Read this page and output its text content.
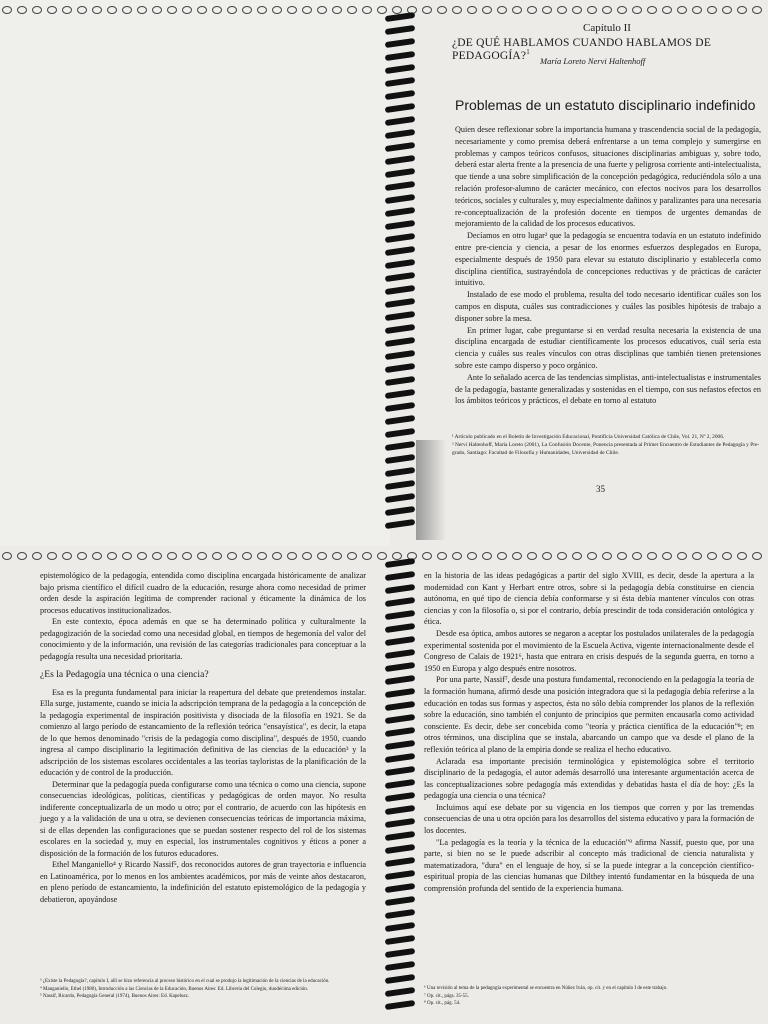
Capítulo II
¿DE QUÉ HABLAMOS CUANDO HABLAMOS DE PEDAGOGÍA?$^1$
María Loreto Nervi Haltenhoff
Problemas de un estatuto disciplinario indefinido

Quien desee reflexionar sobre la importancia humana y trascendencia social de la pedagogía, necesariamente y como premisa deberá enfrentarse a un tema complejo y sumergirse en problemas y campos teóricos confusos, situaciones disciplinarias ambiguas y, sobre todo, deberá estar alerta frente a la presencia de una fuerte y peligrosa corriente anti-intelectualista, que tiende a una sobre simplificación de la concepción pedagógica, reduciéndola sólo a una relación profesor-alumno de carácter mecánico, con efectos nocivos para los desarrollos teóricos, sociales y culturales y, muy especialmente dañinos y paralizantes para una necesaria re-conceptualización de la profesión docente en tiempos de urgentes demandas de mejoramiento de la calidad de los procesos educativos.

Decíamos en otro lugar² que la pedagogía se encuentra todavía en un estatuto indefinido entre pre-ciencia y ciencia, a pesar de los enormes esfuerzos desplegados en Europa, especialmente después de 1950 para elevar su estatuto disciplinario y establecerla como disciplina científica, sustrayéndola de concepciones reductivas y de prácticas de carácter intuitivo.

Instalado de ese modo el problema, resulta del todo necesario identificar cuáles son los campos en disputa, cuáles sus contradicciones y cuáles las posibles hipótesis de trabajo a disponer sobre la mesa.

En primer lugar, cabe preguntarse si en verdad resulta necesaria la existencia de una disciplina encargada de estudiar científicamente los procesos educativos, cuál sería esta ciencia y cuáles sus reales vínculos con otras disciplinas que también tienen pretensiones sobre este campo disperso y poco orgánico.

Ante lo señalado acerca de las tendencias simplistas, anti-intelectualistas e instrumentales de la pedagogía, bastante generalizadas y sostenidas en el tiempo, con sus nefastos efectos en los ámbitos teóricos y prácticos, el debate en torno al estatuto

¹ Artículo publicado en el Boletín de Investigación Educacional, Pontificia Universidad Católica de Chile, Vol. 21, Nº 2, 2006.

² Nervi Haltenhoff, María Loreto (2001), La Confusión Docente, Ponencia presentada al Primer Encuentro de Estudiantes de Pedagogía y Pre-grado, Santiago: Facultad de Filosofía y Humanidades, Universidad de Chile.

35

epistemológico de la pedagogía, entendida como disciplina encargada históricamente de analizar bajo prisma científico el difícil cuadro de la educación, resurge ahora como necesidad de primer orden desde la aspiración legítima de comprender racional y éticamente la dinámica de los procesos educativos institucionalizados.

En este contexto, época además en que se ha determinado política y culturalmente la pedagogización de la sociedad como una necesidad global, en tiempos de hegemonía del valor del conocimiento y de la información, una revisión de las categorías tradicionales para conceptuar a la pedagogía resulta una necesidad prioritaria.

¿Es la Pedagogía una técnica o una ciencia?

Esa es la pregunta fundamental para iniciar la reapertura del debate que pretendemos instalar. Ella surge, justamente, cuando se inicia la adscripción temprana de la pedagogía a la concepción de la pedagogía experimental de inspiración positivista y disociada de la filosofía en 1921. Se da comienzo al largo período de estancamiento de la reflexión teórica "ensayística", es decir, la etapa de lo que hemos denominado "crisis de la pedagogía como disciplina", después de 1950, cuando ingresa al campo disciplinario la legitimación definitiva de las ciencias de la educación³ y la adscripción de los sistemas escolares occidentales a las teorías tayloristas de la planificación de la educación y de control de la producción.

Determinar que la pedagogía pueda configurarse como una técnica o como una ciencia, supone consecuencias ideológicas, políticas, científicas y pedagógicas de orden mayor. No resulta indiferente conceptualizarla de un modo u otro; por el contrario, de acuerdo con las hipótesis en juego y a la validación de una u otra, se devienen consecuencias teóricas de importancia máxima, si de ellas dependen las configuraciones que se puedan sostener respecto del rol de los sistemas escolares en la sociedad y, muy en especial, los instrumentales cognitivos y éticos a poner a disposición de la formación de los futuros educadores.

Ethel Manganiello⁴ y Ricardo Nassif⁵, dos reconocidos autores de gran trayectoria e influencia en Latinoamérica, por lo menos en los ambientes académicos, por más de veinte años destacaron, en pleno período de estancamiento, la indefinición del estatuto epistemológico de la pedagogía y debatieron, apoyándose

³ ¿Existe la Pedagogía?, capítulo I, allí se hizo referencia al proceso histórico en el cual se produjo la legitimación de la ciencias de la educación.

⁴ Manganiello, Ethel (1980), Introducción a las Ciencias de la Educación, Buenos Aires: Ed. Librería del Colegio, duodécima edición.

⁵ Nassif, Ricardo, Pedagogía General (1974), Buenos Aires: Ed. Kapelusz.

en la historia de las ideas pedagógicas a partir del siglo XVIII, es decir, desde la apertura a la modernidad con Kant y Herbart entre otros, sobre si la pedagogía debía constituirse en ciencia autónoma, en qué tipo de ciencia debía conformarse y si ésta debía mantener vínculos con otras ciencias y con la filosofía o, si por el contrario, debía prescindir de toda consideración ontológica y ética.

Desde esa óptica, ambos autores se negaron a aceptar los postulados unilaterales de la pedagogía experimental sostenida por el movimiento de la Escuela Activa, vigente internacionalmente desde el Congreso de Calais de 1921⁶, hasta que entrara en crisis después de la segunda guerra, en torno a 1950 en Europa y algo después entre nosotros.

Por una parte, Nassif⁷, desde una postura fundamental, reconociendo en la pedagogía la teoría de la formación humana, afirmó desde una posición integradora que si la pedagogía debía referirse a la educación en todas sus formas y aspectos, ésta no sólo debía comprender los planos de la reflexión sobre la educación, sino también el conjunto de principios que permiten encausarla como actividad consciente. Es decir, debe ser concebida como "teoría y práctica científica de la educación"⁸; en otros términos, una disciplina que se instala, abarcando un campo que va desde el plano de la reflexión teórica al plano de la empiria donde se realiza el hecho educativo.

Aclarada esa importante precisión terminológica y epistemológica sobre el territorio disciplinario de la pedagogía, el autor además desarrolló una interesante argumentación acerca de las conceptualizaciones sobre pedagogía más extendidas y debatidas hasta el día de hoy: ¿Es la pedagogía una ciencia o una técnica?

Incluimos aquí ese debate por su vigencia en los tiempos que corren y por las tremendas consecuencias de una u otra opción para los desarrollos del sistema educativo y para la formación de los docentes.

"La pedagogía es la teoría y la técnica de la educación"⁹ afirma Nassif, puesto que, por una parte, si bien no se le puede adscribir al concepto más tradicional de ciencia naturalista y matematizadora, "dura" en el lenguaje de hoy, sí se la puede integrar a la concepción científico-espiritual propia de las ciencias humanas que Dilthey intentó fundamentar en la búsqueda de una comprensión profunda del sentido de la experiencia humana.

⁶ Una revisión al tema de la pedagogía experimental se encuentra en Núñez Iván, op. cit. y en el capítulo I de este trabajo.

⁷ Op. cit., págs. 35-55.

⁸ Op. cit., pág. 54.
